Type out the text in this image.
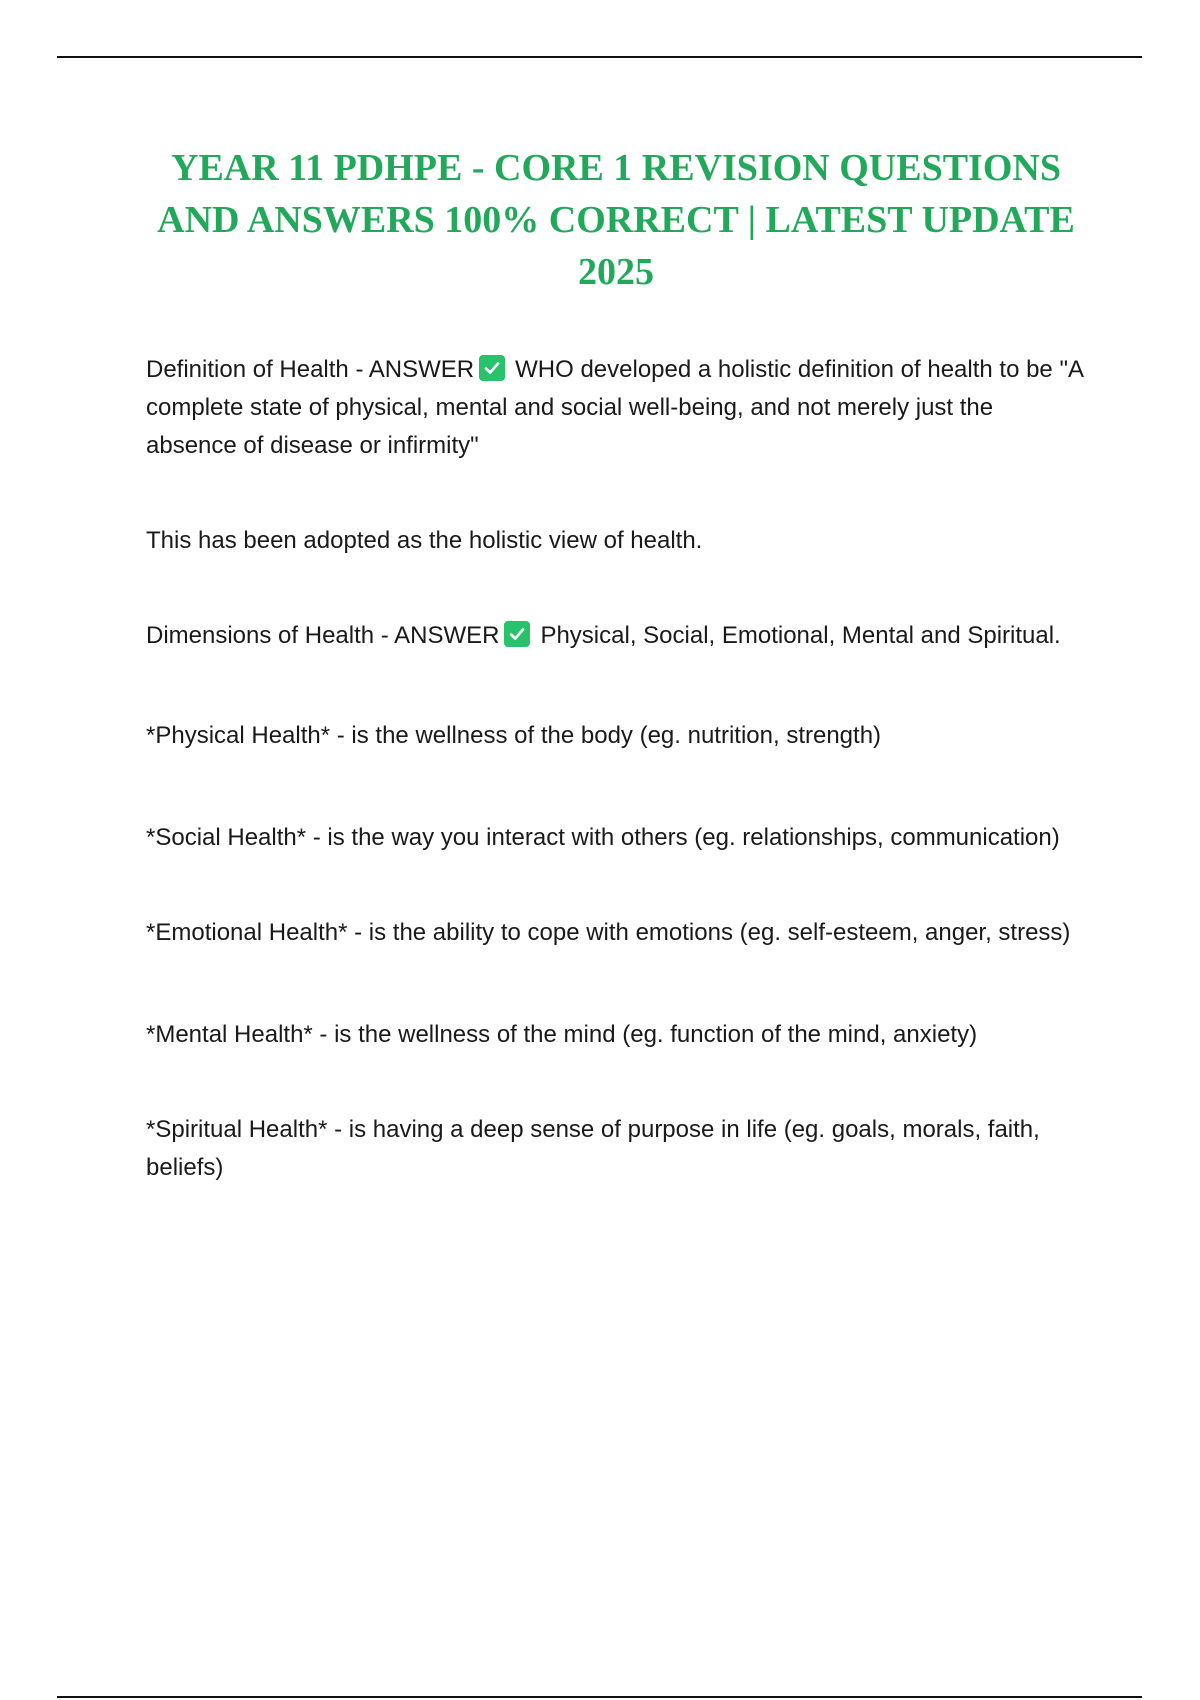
YEAR 11 PDHPE - CORE 1 REVISION QUESTIONS AND ANSWERS 100% CORRECT | LATEST UPDATE 2025

Definition of Health - ANSWER WHO developed a holistic definition of health to be "A complete state of physical, mental and social well-being, and not merely just the absence of disease or infirmity"

This has been adopted as the holistic view of health.

Dimensions of Health - ANSWER Physical, Social, Emotional, Mental and Spiritual.

*Physical Health* - is the wellness of the body (eg. nutrition, strength)

*Social Health* - is the way you interact with others (eg. relationships, communication)

*Emotional Health* - is the ability to cope with emotions (eg. self-esteem, anger, stress)

*Mental Health* - is the wellness of the mind (eg. function of the mind, anxiety)

*Spiritual Health* - is having a deep sense of purpose in life (eg. goals, morals, faith, beliefs)
